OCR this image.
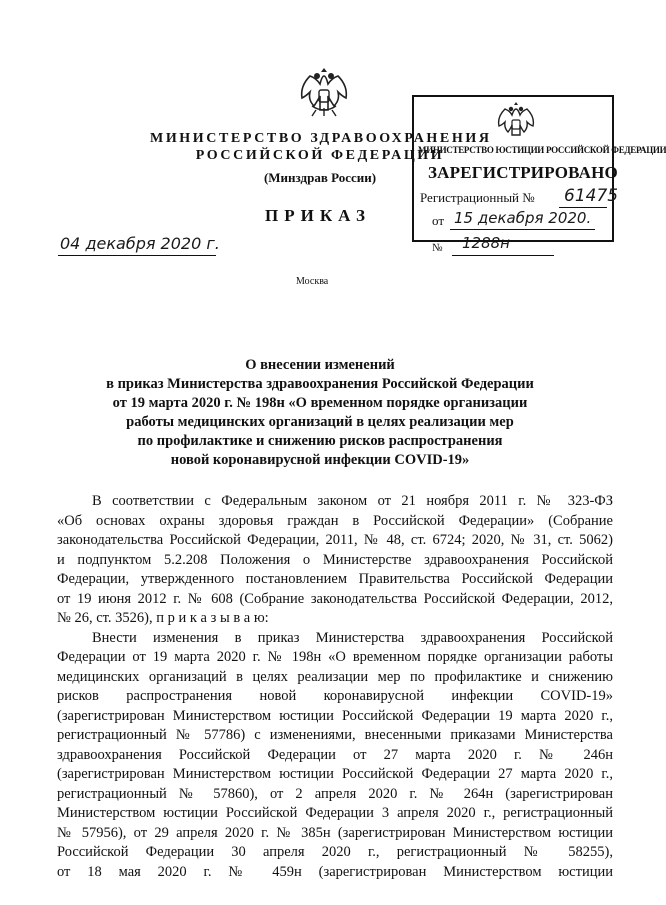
МИНИСТЕРСТВО ЗДРАВООХРАНЕНИЯ
РОССИЙСКОЙ ФЕДЕРАЦИИ
(Минздрав России)
ПРИКАЗ
04 декабря 2020 г.	№ 1288н
МИНИСТЕРСТВО ЮСТИЦИИ РОССИЙСКОЙ ФЕДЕРАЦИИ
ЗАРЕГИСТРИРОВАНО
Регистрационный № 61475
от 15 декабря 2020.
Москва
О внесении изменений
в приказ Министерства здравоохранения Российской Федерации
от 19 марта 2020 г. № 198н «О временном порядке организации
работы медицинских организаций в целях реализации мер
по профилактике и снижению рисков распространения
новой коронавирусной инфекции COVID-19»
В соответствии с Федеральным законом от 21 ноября 2011 г. № 323-ФЗ
«Об основах охраны здоровья граждан в Российской Федерации» (Собрание
законодательства Российской Федерации, 2011, № 48, ст. 6724; 2020, № 31, ст. 5062)
и подпунктом 5.2.208 Положения о Министерстве здравоохранения Российской
Федерации, утвержденного постановлением Правительства Российской Федерации
от 19 июня 2012 г. № 608 (Собрание законодательства Российской Федерации, 2012,
№ 26, ст. 3526), п р и к а з ы в а ю:
Внести изменения в приказ Министерства здравоохранения Российской
Федерации от 19 марта 2020 г. № 198н «О временном порядке организации работы
медицинских организаций в целях реализации мер по профилактике и снижению
рисков распространения новой коронавирусной инфекции COVID-19»
(зарегистрирован Министерством юстиции Российской Федерации 19 марта 2020 г.,
регистрационный № 57786) с изменениями, внесенными приказами Министерства
здравоохранения Российской Федерации от 27 марта 2020 г. № 246н
(зарегистрирован Министерством юстиции Российской Федерации 27 марта 2020 г.,
регистрационный № 57860), от 2 апреля 2020 г. № 264н (зарегистрирован
Министерством юстиции Российской Федерации 3 апреля 2020 г., регистрационный
№ 57956), от 29 апреля 2020 г. № 385н (зарегистрирован Министерством юстиции
Российской Федерации 30 апреля 2020 г., регистрационный № 58255),
от 18 мая 2020 г. № 459н (зарегистрирован Министерством юстиции
